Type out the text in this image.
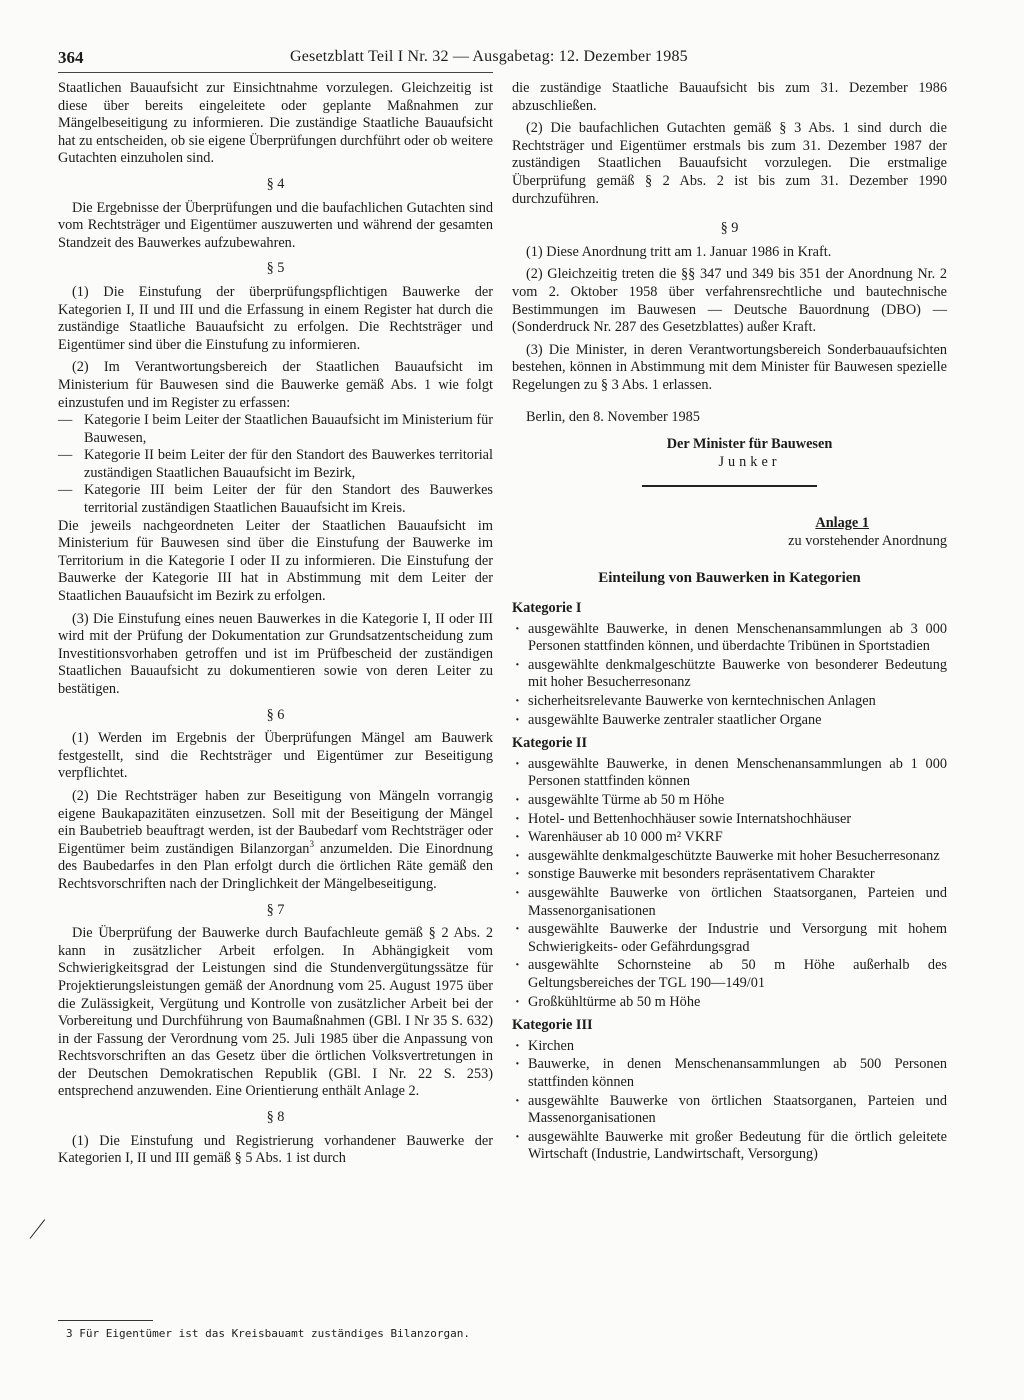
364	Gesetzblatt Teil I Nr. 32 — Ausgabetag: 12. Dezember 1985

Staatlichen Bauaufsicht zur Einsichtnahme vorzulegen. Gleichzeitig ist diese über bereits eingeleitete oder geplante Maßnahmen zur Mängelbeseitigung zu informieren. Die zuständige Staatliche Bauaufsicht hat zu entscheiden, ob sie eigene Überprüfungen durchführt oder ob weitere Gutachten einzuholen sind.

§ 4

Die Ergebnisse der Überprüfungen und die baufachlichen Gutachten sind vom Rechtsträger und Eigentümer auszuwerten und während der gesamten Standzeit des Bauwerkes aufzubewahren.

§ 5

(1) Die Einstufung der überprüfungspflichtigen Bauwerke der Kategorien I, II und III und die Erfassung in einem Register hat durch die zuständige Staatliche Bauaufsicht zu erfolgen. Die Rechtsträger und Eigentümer sind über die Einstufung zu informieren.

(2) Im Verantwortungsbereich der Staatlichen Bauaufsicht im Ministerium für Bauwesen sind die Bauwerke gemäß Abs. 1 wie folgt einzustufen und im Register zu erfassen:

— Kategorie I beim Leiter der Staatlichen Bauaufsicht im Ministerium für Bauwesen,
— Kategorie II beim Leiter der für den Standort des Bauwerkes territorial zuständigen Staatlichen Bauaufsicht im Bezirk,
— Kategorie III beim Leiter der für den Standort des Bauwerkes territorial zuständigen Staatlichen Bauaufsicht im Kreis.

Die jeweils nachgeordneten Leiter der Staatlichen Bauaufsicht im Ministerium für Bauwesen sind über die Einstufung der Bauwerke im Territorium in die Kategorie I oder II zu informieren. Die Einstufung der Bauwerke der Kategorie III hat in Abstimmung mit dem Leiter der Staatlichen Bauaufsicht im Bezirk zu erfolgen.

(3) Die Einstufung eines neuen Bauwerkes in die Kategorie I, II oder III wird mit der Prüfung der Dokumentation zur Grundsatzentscheidung zum Investitionsvorhaben getroffen und ist im Prüfbescheid der zuständigen Staatlichen Bauaufsicht zu dokumentieren sowie von deren Leiter zu bestätigen.

§ 6

(1) Werden im Ergebnis der Überprüfungen Mängel am Bauwerk festgestellt, sind die Rechtsträger und Eigentümer zur Beseitigung verpflichtet.

(2) Die Rechtsträger haben zur Beseitigung von Mängeln vorrangig eigene Baukapazitäten einzusetzen. Soll mit der Beseitigung der Mängel ein Baubetrieb beauftragt werden, ist der Baubedarf vom Rechtsträger oder Eigentümer beim zuständigen Bilanzorgan$^3$ anzumelden. Die Einordnung des Baubedarfes in den Plan erfolgt durch die örtlichen Räte gemäß den Rechtsvorschriften nach der Dringlichkeit der Mängelbeseitigung.

§ 7

Die Überprüfung der Bauwerke durch Baufachleute gemäß § 2 Abs. 2 kann in zusätzlicher Arbeit erfolgen. In Abhängigkeit vom Schwierigkeitsgrad der Leistungen sind die Stundenvergütungssätze für Projektierungsleistungen gemäß der Anordnung vom 25. August 1975 über die Zulässigkeit, Vergütung und Kontrolle von zusätzlicher Arbeit bei der Vorbereitung und Durchführung von Baumaßnahmen (GBl. I Nr 35 S. 632) in der Fassung der Verordnung vom 25. Juli 1985 über die Anpassung von Rechtsvorschriften an das Gesetz über die örtlichen Volksvertretungen in der Deutschen Demokratischen Republik (GBl. I Nr. 22 S. 253) entsprechend anzuwenden. Eine Orientierung enthält Anlage 2.

§ 8

(1) Die Einstufung und Registrierung vorhandener Bauwerke der Kategorien I, II und III gemäß § 5 Abs. 1 ist durch

3 Für Eigentümer ist das Kreisbauamt zuständiges Bilanzorgan.

die zuständige Staatliche Bauaufsicht bis zum 31. Dezember 1986 abzuschließen.

(2) Die baufachlichen Gutachten gemäß § 3 Abs. 1 sind durch die Rechtsträger und Eigentümer erstmals bis zum 31. Dezember 1987 der zuständigen Staatlichen Bauaufsicht vorzulegen. Die erstmalige Überprüfung gemäß § 2 Abs. 2 ist bis zum 31. Dezember 1990 durchzuführen.

§ 9

(1) Diese Anordnung tritt am 1. Januar 1986 in Kraft.

(2) Gleichzeitig treten die §§ 347 und 349 bis 351 der Anordnung Nr. 2 vom 2. Oktober 1958 über verfahrensrechtliche und bautechnische Bestimmungen im Bauwesen — Deutsche Bauordnung (DBO) — (Sonderdruck Nr. 287 des Gesetzblattes) außer Kraft.

(3) Die Minister, in deren Verantwortungsbereich Sonderbauaufsichten bestehen, können in Abstimmung mit dem Minister für Bauwesen spezielle Regelungen zu § 3 Abs. 1 erlassen.

Berlin, den 8. November 1985
Der Minister für Bauwesen
Junker
Anlage 1
zu vorstehender Anordnung
Einteilung von Bauwerken in Kategorien
Kategorie I
· ausgewählte Bauwerke, in denen Menschenansammlungen ab 3 000 Personen stattfinden können, und überdachte Tribünen in Sportstadien
· ausgewählte denkmalgeschützte Bauwerke von besonderer Bedeutung mit hoher Besucherresonanz
· sicherheitsrelevante Bauwerke von kerntechnischen Anlagen
· ausgewählte Bauwerke zentraler staatlicher Organe
Kategorie II
· ausgewählte Bauwerke, in denen Menschenansammlungen ab 1 000 Personen stattfinden können
· ausgewählte Türme ab 50 m Höhe
· Hotel- und Bettenhochhäuser sowie Internatshochhäuser
· Warenhäuser ab 10 000 m² VKRF
· ausgewählte denkmalgeschützte Bauwerke mit hoher Besucherresonanz
· sonstige Bauwerke mit besonders repräsentativem Charakter
· ausgewählte Bauwerke von örtlichen Staatsorganen, Parteien und Massenorganisationen
· ausgewählte Bauwerke der Industrie und Versorgung mit hohem Schwierigkeits- oder Gefährdungsgrad
· ausgewählte Schornsteine ab 50 m Höhe außerhalb des Geltungsbereiches der TGL 190—149/01
· Großkühltürme ab 50 m Höhe
Kategorie III
· Kirchen
· Bauwerke, in denen Menschenansammlungen ab 500 Personen stattfinden können
· ausgewählte Bauwerke von örtlichen Staatsorganen, Parteien und Massenorganisationen
· ausgewählte Bauwerke mit großer Bedeutung für die örtlich geleitete Wirtschaft (Industrie, Landwirtschaft, Versorgung)
